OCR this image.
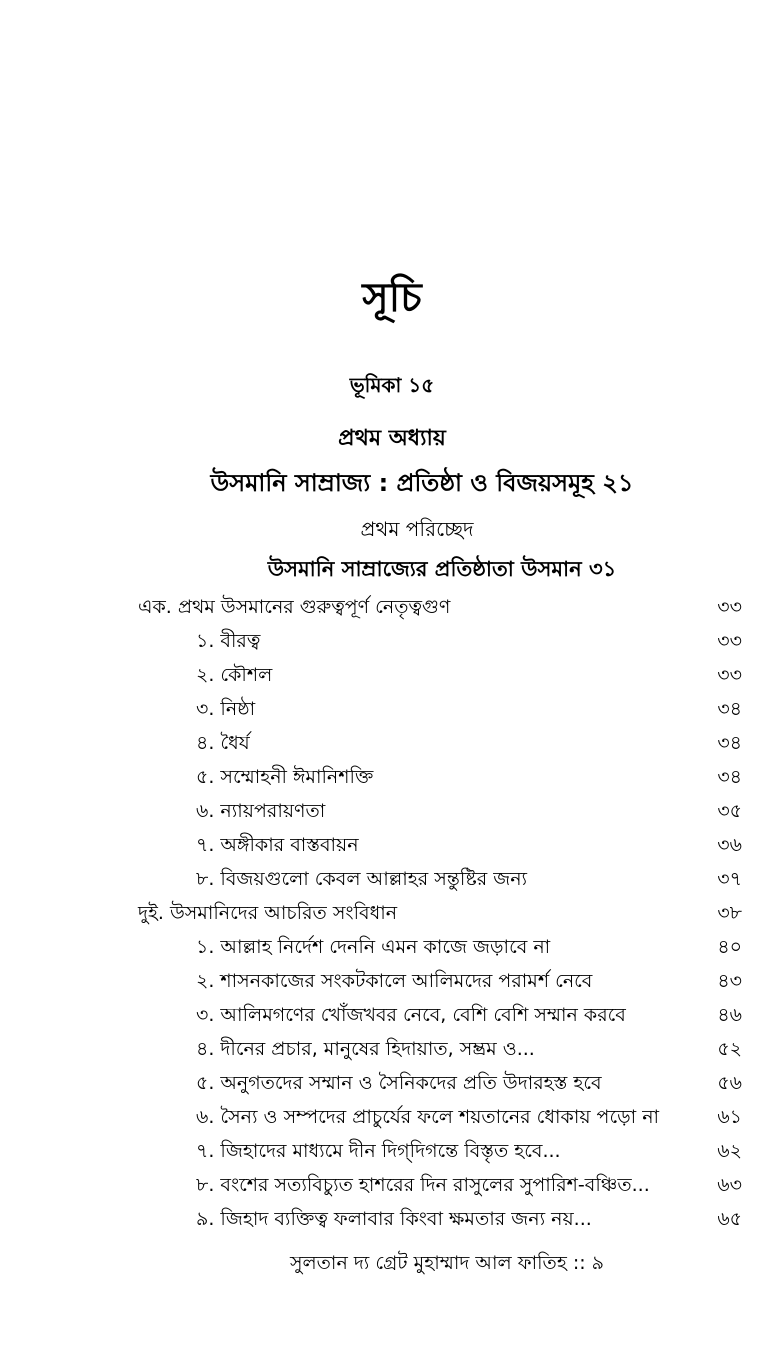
সূচি
ভূমিকা ১৫
প্রথম অধ্যায়
উসমানি সাম্রাজ্য : প্রতিষ্ঠা ও বিজয়সমূহ ২১
প্রথম পরিচ্ছেদ
উসমানি সাম্রাজ্যের প্রতিষ্ঠাতা উসমান ৩১
এক. প্রথম উসমানের গুরুত্বপূর্ণ নেতৃত্বগুণ	৩৩
১. বীরত্ব	৩৩
২. কৌশল	৩৩
৩. নিষ্ঠা	৩৪
৪. ধৈর্য	৩৪
৫. সম্মোহনী ঈমানিশক্তি	৩৪
৬. ন্যায়পরায়ণতা	৩৫
৭. অঙ্গীকার বাস্তবায়ন	৩৬
৮. বিজয়গুলো কেবল আল্লাহর সন্তুষ্টির জন্য	৩৭
দুই. উসমানিদের আচরিত সংবিধান	৩৮
১. আল্লাহ নির্দেশ দেননি এমন কাজে জড়াবে না	৪০
২. শাসনকাজের সংকটকালে আলিমদের পরামর্শ নেবে	৪৩
৩. আলিমগণের খোঁজখবর নেবে, বেশি বেশি সম্মান করবে	৪৬
৪. দীনের প্রচার, মানুষের হিদায়াত, সম্ভ্রম ও...	৫২
৫. অনুগতদের সম্মান ও সৈনিকদের প্রতি উদারহস্ত হবে	৫৬
৬. সৈন্য ও সম্পদের প্রাচুর্যের ফলে শয়তানের ধোকায় পড়ো না	৬১
৭. জিহাদের মাধ্যমে দীন দিগ্‌দিগন্তে বিস্তৃত হবে...	৬২
৮. বংশের সত্যবিচ্যুত হাশরের দিন রাসুলের সুপারিশ-বঞ্চিত...	৬৩
৯. জিহাদ ব্যক্তিত্ব ফলাবার কিংবা ক্ষমতার জন্য নয়...	৬৫
সুলতান দ্য গ্রেট মুহাম্মাদ আল ফাতিহ :: ৯
